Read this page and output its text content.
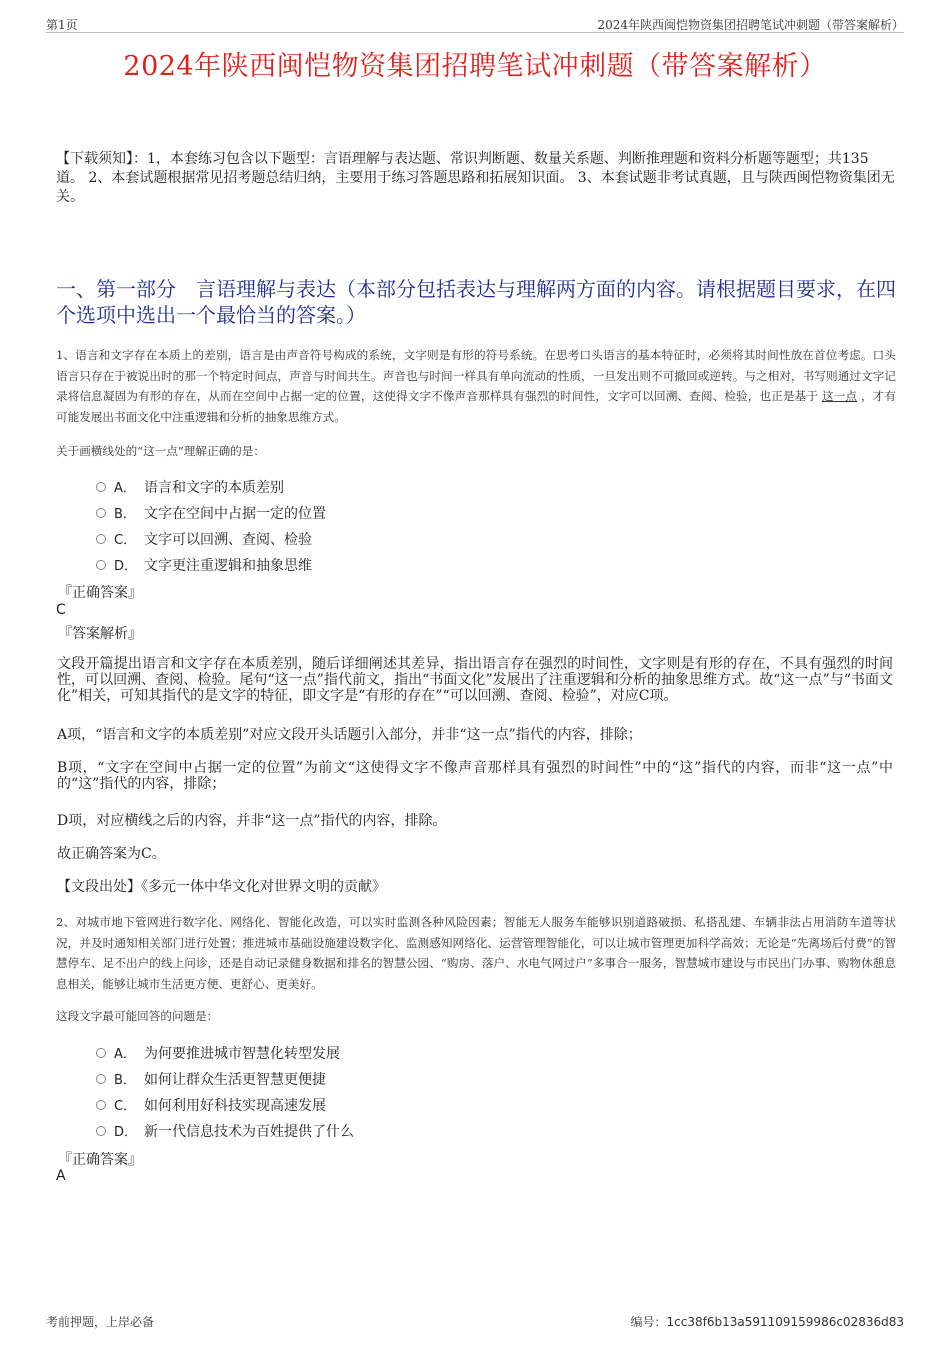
第1页	2024年陕西闽恺物资集团招聘笔试冲刺题（带答案解析）
2024年陕西闽恺物资集团招聘笔试冲刺题（带答案解析）
【下载须知】：1，本套练习包含以下题型：言语理解与表达题、常识判断题、数量关系题、判断推理题和资料分析题等题型；共135道。 2、本套试题根据常见招考题总结归纳，主要用于练习答题思路和拓展知识面。 3、本套试题非考试真题，且与陕西闽恺物资集团无关。
一、第一部分　言语理解与表达（本部分包括表达与理解两方面的内容。请根据题目要求，在四个选项中选出一个最恰当的答案。）
1、语言和文字存在本质上的差别，语言是由声音符号构成的系统，文字则是有形的符号系统。在思考口头语言的基本特征时，必须将其时间性放在首位考虑。口头语言只存在于被说出时的那一个特定时间点，声音与时间共生。声音也与时间一样具有单向流动的性质，一旦发出则不可撤回或逆转。与之相对，书写则通过文字记录将信息凝固为有形的存在，从而在空间中占据一定的位置，这使得文字不像声音那样具有强烈的时间性，文字可以回溯、查阅、检验，也正是基于 这一点 ，才有可能发展出书面文化中注重逻辑和分析的抽象思维方式。
关于画横线处的“这一点”理解正确的是：
A． 语言和文字的本质差别
B． 文字在空间中占据一定的位置
C． 文字可以回溯、查阅、检验
D． 文字更注重逻辑和抽象思维
『正确答案』
C
『答案解析』
文段开篇提出语言和文字存在本质差别，随后详细阐述其差异，指出语言存在强烈的时间性，文字则是有形的存在，不具有强烈的时间性，可以回溯、查阅、检验。尾句“这一点”指代前文，指出“书面文化”发展出了注重逻辑和分析的抽象思维方式。故“这一点”与“书面文化”相关，可知其指代的是文字的特征，即文字是“有形的存在”“可以回溯、查阅、检验”，对应C项。
A项，“语言和文字的本质差别”对应文段开头话题引入部分，并非“这一点”指代的内容，排除；
B项，“文字在空间中占据一定的位置”为前文“这使得文字不像声音那样具有强烈的时间性”中的“这”指代的内容，而非“这一点”中的“这”指代的内容，排除；
D项，对应横线之后的内容，并非“这一点”指代的内容，排除。
故正确答案为C。
【文段出处】《多元一体中华文化对世界文明的贡献》
2、对城市地下管网进行数字化、网络化、智能化改造，可以实时监测各种风险因素；智能无人服务车能够识别道路破损、私搭乱建、车辆非法占用消防车道等状况，并及时通知相关部门进行处置；推进城市基础设施建设数字化、监测感知网络化、运营管理智能化，可以让城市管理更加科学高效；无论是“先离场后付费”的智慧停车、足不出户的线上问诊，还是自动记录健身数据和排名的智慧公园、“购房、落户、水电气网过户”多事合一服务，智慧城市建设与市民出门办事、购物休憩息息相关，能够让城市生活更方便、更舒心、更美好。
这段文字最可能回答的问题是：
A． 为何要推进城市智慧化转型发展
B． 如何让群众生活更智慧更便捷
C． 如何利用好科技实现高速发展
D． 新一代信息技术为百姓提供了什么
『正确答案』
A
考前押题，上岸必备	编号：1cc38f6b13a591109159986c02836d83
